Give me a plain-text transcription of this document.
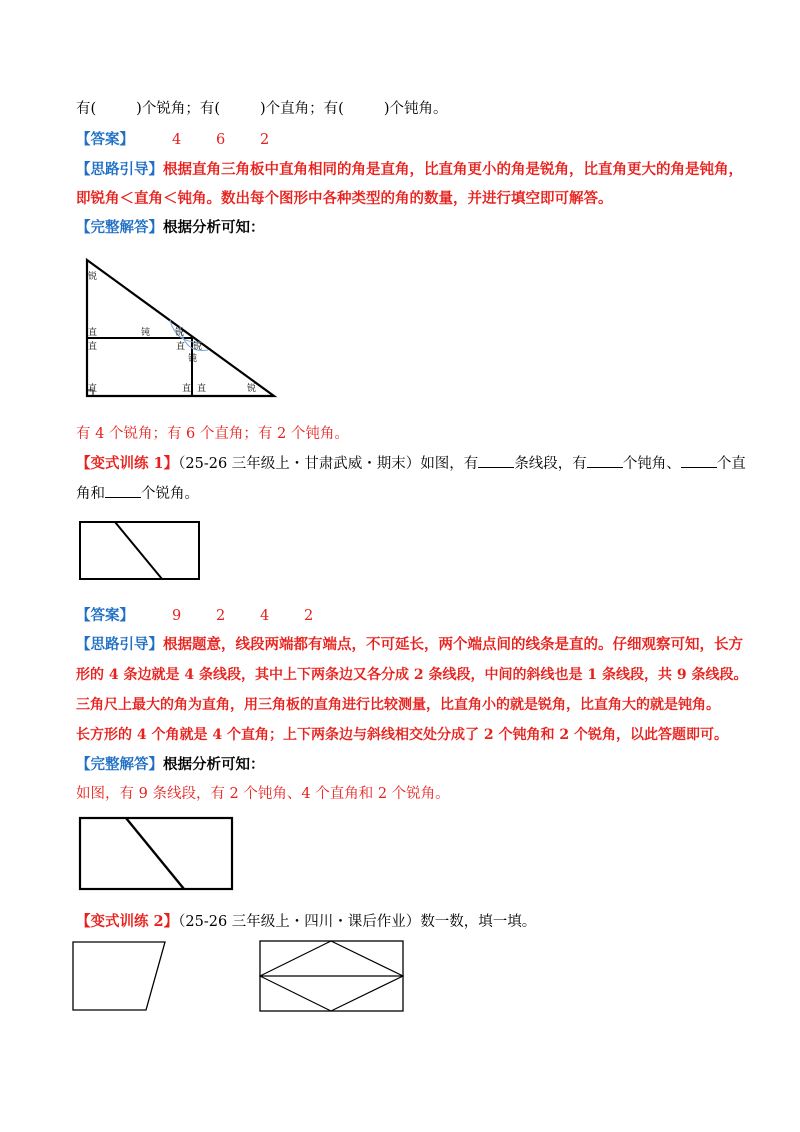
有(	)个锐角；有(	)个直角；有(	)个钝角。
【答案】	4 6 2
【思路引导】根据直角三角板中直角相同的角是直角，比直角更小的角是锐角，比直角更大的角是钝角，
即锐角＜直角＜钝角。数出每个图形中各种类型的角的数量，并进行填空即可解答。
【完整解答】根据分析可知：
锐
直
直
钝	锐
直 锐
钝
直	直 直	锐
有 4 个锐角；有 6 个直角；有 2 个钝角。
【变式训练 1】（25-26 三年级上・甘肃武威・期末）如图，有 条线段，有 个钝角、 个直
角和 个锐角。
【答案】	9 2 4 2
【思路引导】根据题意，线段两端都有端点，不可延长，两个端点间的线条是直的。仔细观察可知，长方
形的 4 条边就是 4 条线段，其中上下两条边又各分成 2 条线段，中间的斜线也是 1 条线段，共 9 条线段。
三角尺上最大的角为直角，用三角板的直角进行比较测量，比直角小的就是锐角，比直角大的就是钝角。
长方形的 4 个角就是 4 个直角；上下两条边与斜线相交处分成了 2 个钝角和 2 个锐角，以此答题即可。
【完整解答】根据分析可知：
如图，有 9 条线段，有 2 个钝角、4 个直角和 2 个锐角。
【变式训练 2】（25-26 三年级上・四川・课后作业）数一数，填一填。
